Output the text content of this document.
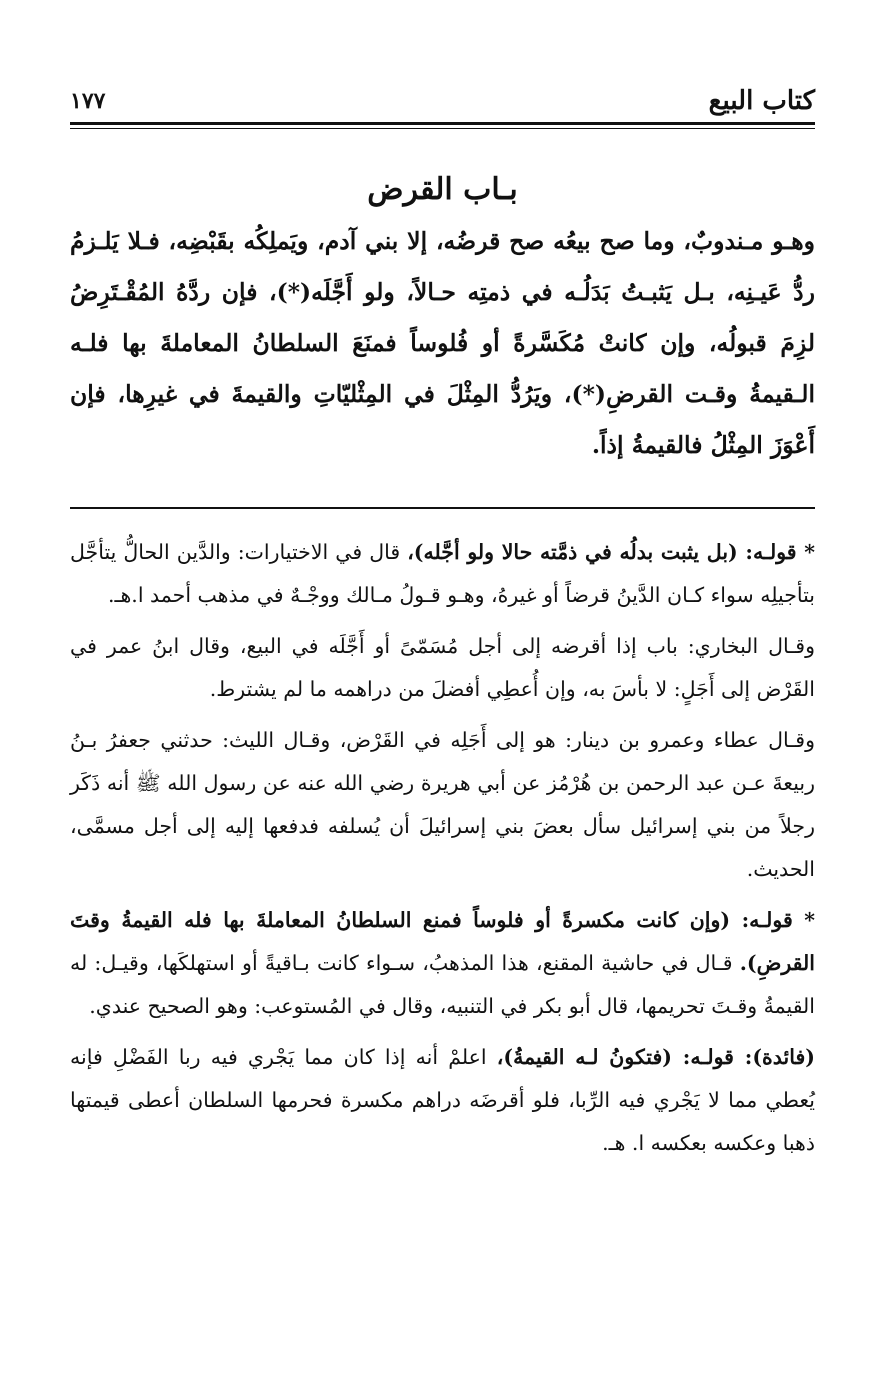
كتاب البيع
١٧٧
بـاب القرض
وهـو مـندوبٌ، وما صح بيعُه صح قرضُه، إلا بني آدم، ويَملِكُه بقَبْضِه، فـلا يَلـزمُ ردُّ عَيـنِه، بـل يَثبـتُ بَدَلُـه في ذمتِه حـالاً، ولو أَجَّلَه(*)، فإن ردَّهُ المُقْـتَرِضُ لزِمَ قبولُه، وإن كانتْ مُكَسَّرةً أو فُلوساً فمنَعَ السلطانُ المعاملةَ بها فلـه الـقيمةُ وقـت القرضِ(*)، ويَرُدُّ المِثْلَ في المِثْليّاتِ والقيمةَ في غيرِها، فإن أَعْوَزَ المِثْلُ فالقيمةُ إذاً.

* قولـه: (بل يثبت بدلُه في ذمَّته حالا ولو أجَّله)، قال في الاختيارات: والدَّين الحالُّ يتأجَّل بتأجيلِه سواء كـان الدَّينُ قرضاً أو غيرهُ، وهـو قـولُ مـالك ووجْـهٌ في مذهب أحمد ا.هـ.

وقـال البخاري: باب إذا أقرضه إلى أجل مُسَمّىً أو أَجَّلَه في البيع، وقال ابنُ عمر في القَرْض إلى أَجَلٍ: لا بأسَ به، وإن أُعطِي أفضلَ من دراهمه ما لم يشترط.

وقـال عطاء وعمرو بن دينار: هو إلى أَجَلِه في القَرْض، وقـال الليث: حدثني جعفرُ بـنُ ربيعةَ عـن عبد الرحمن بن هُرْمُز عن أبي هريرة رضي الله عنه عن رسول الله ﷺ أنه ذَكَر رجلاً من بني إسرائيل سأل بعضَ بني إسرائيلَ أن يُسلفه فدفعها إليه إلى أجل مسمَّى، الحديث.

* قولـه: (وإن كانت مكسرةً أو فلوساً فمنع السلطانُ المعاملةَ بها فله القيمةُ وقتَ القرضِ). قـال في حاشية المقنع، هذا المذهبُ، سـواء كانت بـاقيةً أو استهلكَها، وقيـل: له القيمةُ وقـتَ تحريمها، قال أبو بكر في التنبيه، وقال في المُستوعب: وهو الصحيح عندي.

(فائدة): قولـه: (فتكونُ لـه القيمةُ)، اعلمْ أنه إذا كان مما يَجْري فيه ربا الفَضْلِ فإنه يُعطي مما لا يَجْري فيه الرِّبا، فلو أقرضَه دراهم مكسرة فحرمها السلطان أعطى قيمتها ذهبا وعكسه بعكسه ا. هـ.
